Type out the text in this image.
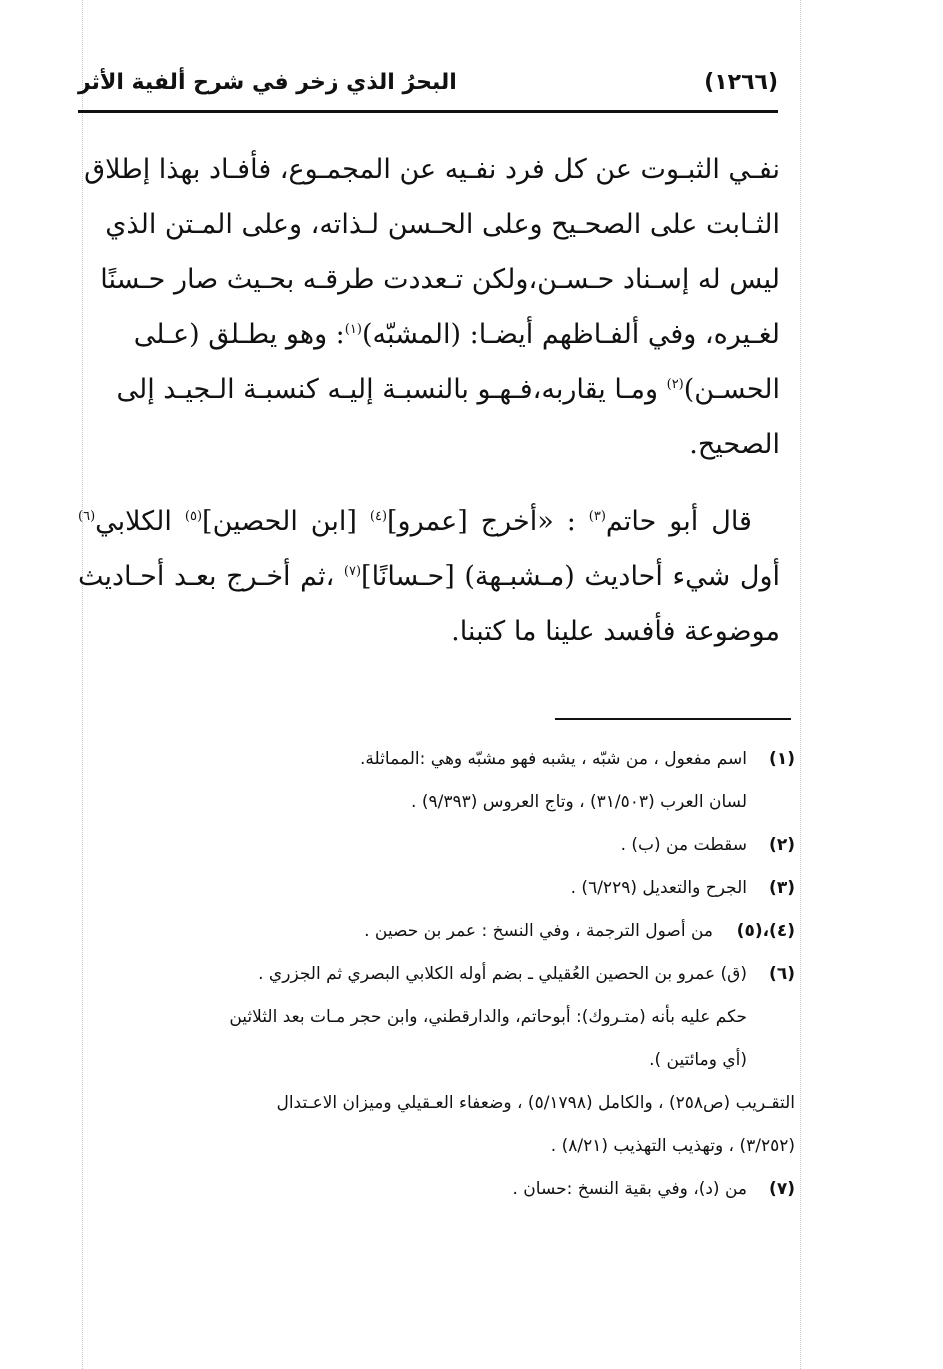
البحرُ الذي زخر في شرح ألفية الأثر	(١٢٦٦)
نفـي الثبـوت عن كل فرد نفـيه عن المجمـوع، فأفـاد بهذا إطلاق
الثـابت على الصحـيح وعلى الحـسن لـذاته، وعلى المـتن الذي
ليس له إسـناد حـسـن،ولكن تـعددت طرقـه بحـيث صار حـسنًا
لغـيره، وفي ألفـاظهم أيضـا: (المشبّه)$^{(١)}$: وهو يطـلق (عـلى
الحسـن)$^{(٢)}$ ومـا يقاربه،فـهـو بالنسبـة إليـه كنسبـة الـجيـد إلى
الصحيح.
قال أبو حاتم$^{(٣)}$ : «أخرج [عمرو]$^{(٤)}$ [ابن الحصين]$^{(٥)}$ الكلابي$^{(٦)}$ أول شيء أحاديث (مـشبـهة) [حـسانًا]$^{(٧)}$ ،ثم أخـرج بعـد أحـاديث موضوعة فأفسد علينا ما كتبنا.
(١)
اسم مفعول ، من شبّه ، يشبه فهو مشبّه وهي :المماثلة.
لسان العرب (٣١/٥٠٣) ، وتاج العروس (٩/٣٩٣) .
(٢)
سقطت من (ب) .
(٣)
الجرح والتعديل (٦/٢٢٩) .
(٤)،(٥)
من أصول الترجمة ، وفي النسخ : عمر بن حصين .
(٦)
(ق) عمرو بن الحصين العُقيلي ـ بضم أوله الكلابي البصري ثم الجزري .
حكم عليه بأنه (متـروك): أبوحاتم، والدارقطني، وابن حجر مـات بعد الثلاثين
(أي ومائتين ).
التقـريب (ص٢٥٨) ، والكامل (٥/١٧٩٨) ، وضعفاء العـقيلي وميزان الاعـتدال
(٣/٢٥٢) ، وتهذيب التهذيب (٨/٢١) .
(٧)
من (د)، وفي بقية النسخ :حسان .
